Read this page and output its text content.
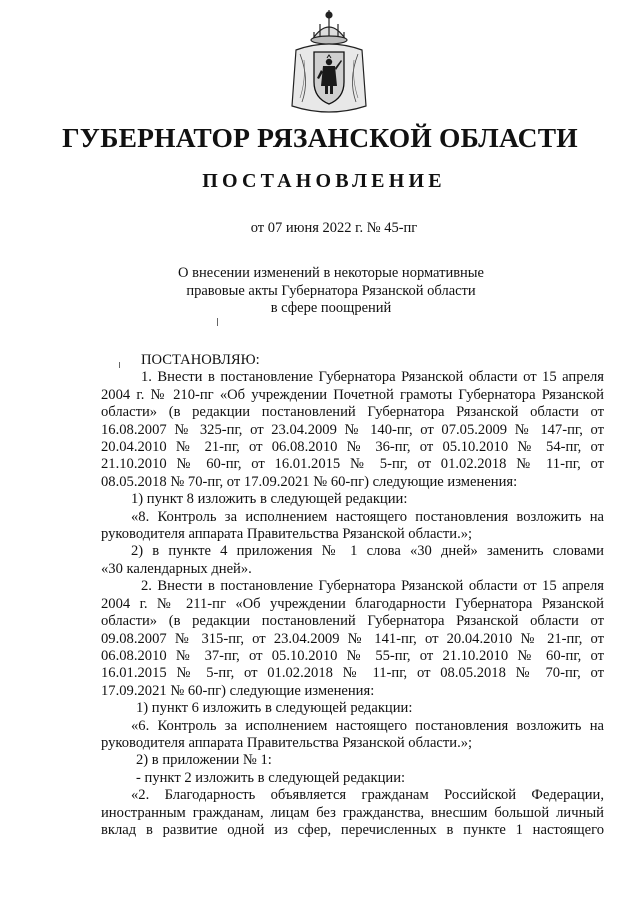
ГУБЕРНАТОР РЯЗАНСКОЙ ОБЛАСТИ
ПОСТАНОВЛЕНИЕ
от 07 июня 2022 г. № 45-пг
О внесении изменений в некоторые нормативные
правовые акты Губернатора Рязанской области
в сфере поощрений
ПОСТАНОВЛЯЮ:
1. Внести в постановление Губернатора Рязанской области от 15 апреля
2004 г. № 210-пг «Об учреждении Почетной грамоты Губернатора Рязанской
области» (в редакции постановлений Губернатора Рязанской области от
16.08.2007 № 325-пг, от 23.04.2009 № 140-пг, от 07.05.2009 № 147-пг, от
20.04.2010 № 21-пг, от 06.08.2010 № 36-пг, от 05.10.2010 № 54-пг, от
21.10.2010 № 60-пг, от 16.01.2015 № 5-пг, от 01.02.2018 № 11-пг, от
08.05.2018 № 70-пг, от 17.09.2021 № 60-пг) следующие изменения:
1) пункт 8 изложить в следующей редакции:
«8. Контроль за исполнением настоящего постановления возложить на
руководителя аппарата Правительства Рязанской области.»;
2) в пункте 4 приложения № 1 слова «30 дней» заменить словами
«30 календарных дней».
2. Внести в постановление Губернатора Рязанской области от 15 апреля
2004 г. № 211-пг «Об учреждении благодарности Губернатора Рязанской
области» (в редакции постановлений Губернатора Рязанской области от
09.08.2007 № 315-пг, от 23.04.2009 № 141-пг, от 20.04.2010 № 21-пг, от
06.08.2010 № 37-пг, от 05.10.2010 № 55-пг, от 21.10.2010 № 60-пг, от
16.01.2015 № 5-пг, от 01.02.2018 № 11-пг, от 08.05.2018 № 70-пг, от
17.09.2021 № 60-пг) следующие изменения:
1) пункт 6 изложить в следующей редакции:
«6. Контроль за исполнением настоящего постановления возложить на
руководителя аппарата Правительства Рязанской области.»;
2) в приложении № 1:
- пункт 2 изложить в следующей редакции:
«2. Благодарность объявляется гражданам Российской Федерации,
иностранным гражданам, лицам без гражданства, внесшим большой личный
вклад в развитие одной из сфер, перечисленных в пункте 1 настоящего
